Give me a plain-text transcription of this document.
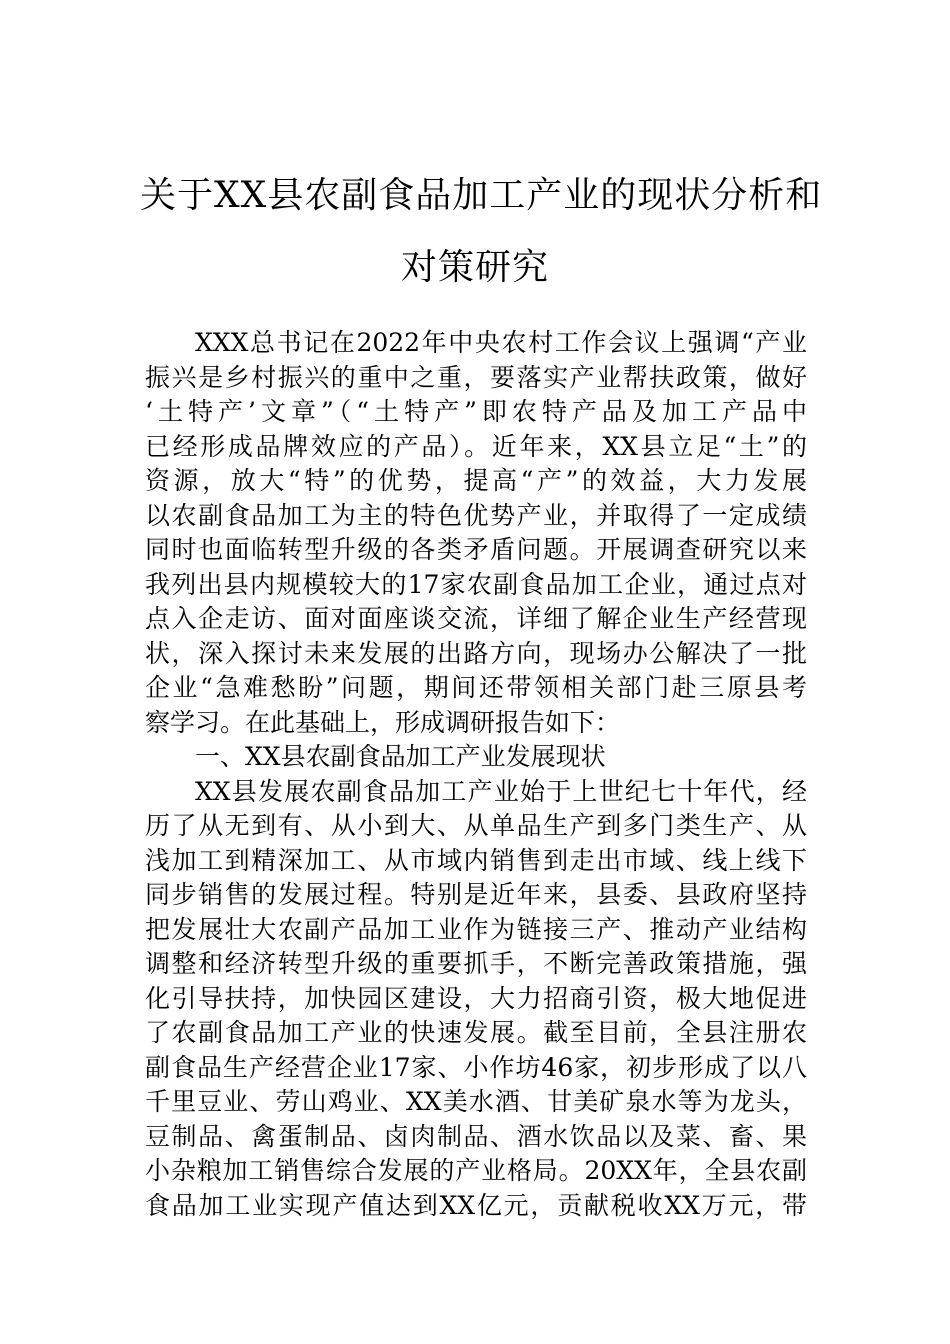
关于XX县农副食品加工产业的现状分析和
对策研究
XXX总书记在2022年中央农村工作会议上强调“产业
振兴是乡村振兴的重中之重，要落实产业帮扶政策，做好
‘土特产’文章”（“土特产”即农特产品及加工产品中
已经形成品牌效应的产品）。近年来，XX县立足“土”的
资源，放大“特”的优势，提高“产”的效益，大力发展
以农副食品加工为主的特色优势产业，并取得了一定成绩
同时也面临转型升级的各类矛盾问题。开展调查研究以来
我列出县内规模较大的17家农副食品加工企业，通过点对
点入企走访、面对面座谈交流，详细了解企业生产经营现
状，深入探讨未来发展的出路方向，现场办公解决了一批
企业“急难愁盼”问题，期间还带领相关部门赴三原县考
察学习。在此基础上，形成调研报告如下：
一、XX县农副食品加工产业发展现状
XX县发展农副食品加工产业始于上世纪七十年代，经
历了从无到有、从小到大、从单品生产到多门类生产、从
浅加工到精深加工、从市域内销售到走出市域、线上线下
同步销售的发展过程。特别是近年来，县委、县政府坚持
把发展壮大农副产品加工业作为链接三产、推动产业结构
调整和经济转型升级的重要抓手，不断完善政策措施，强
化引导扶持，加快园区建设，大力招商引资，极大地促进
了农副食品加工产业的快速发展。截至目前，全县注册农
副食品生产经营企业17家、小作坊46家，初步形成了以八
千里豆业、劳山鸡业、XX美水酒、甘美矿泉水等为龙头，
豆制品、禽蛋制品、卤肉制品、酒水饮品以及菜、畜、果
小杂粮加工销售综合发展的产业格局。20XX年，全县农副
食品加工业实现产值达到XX亿元，贡献税收XX万元，带
